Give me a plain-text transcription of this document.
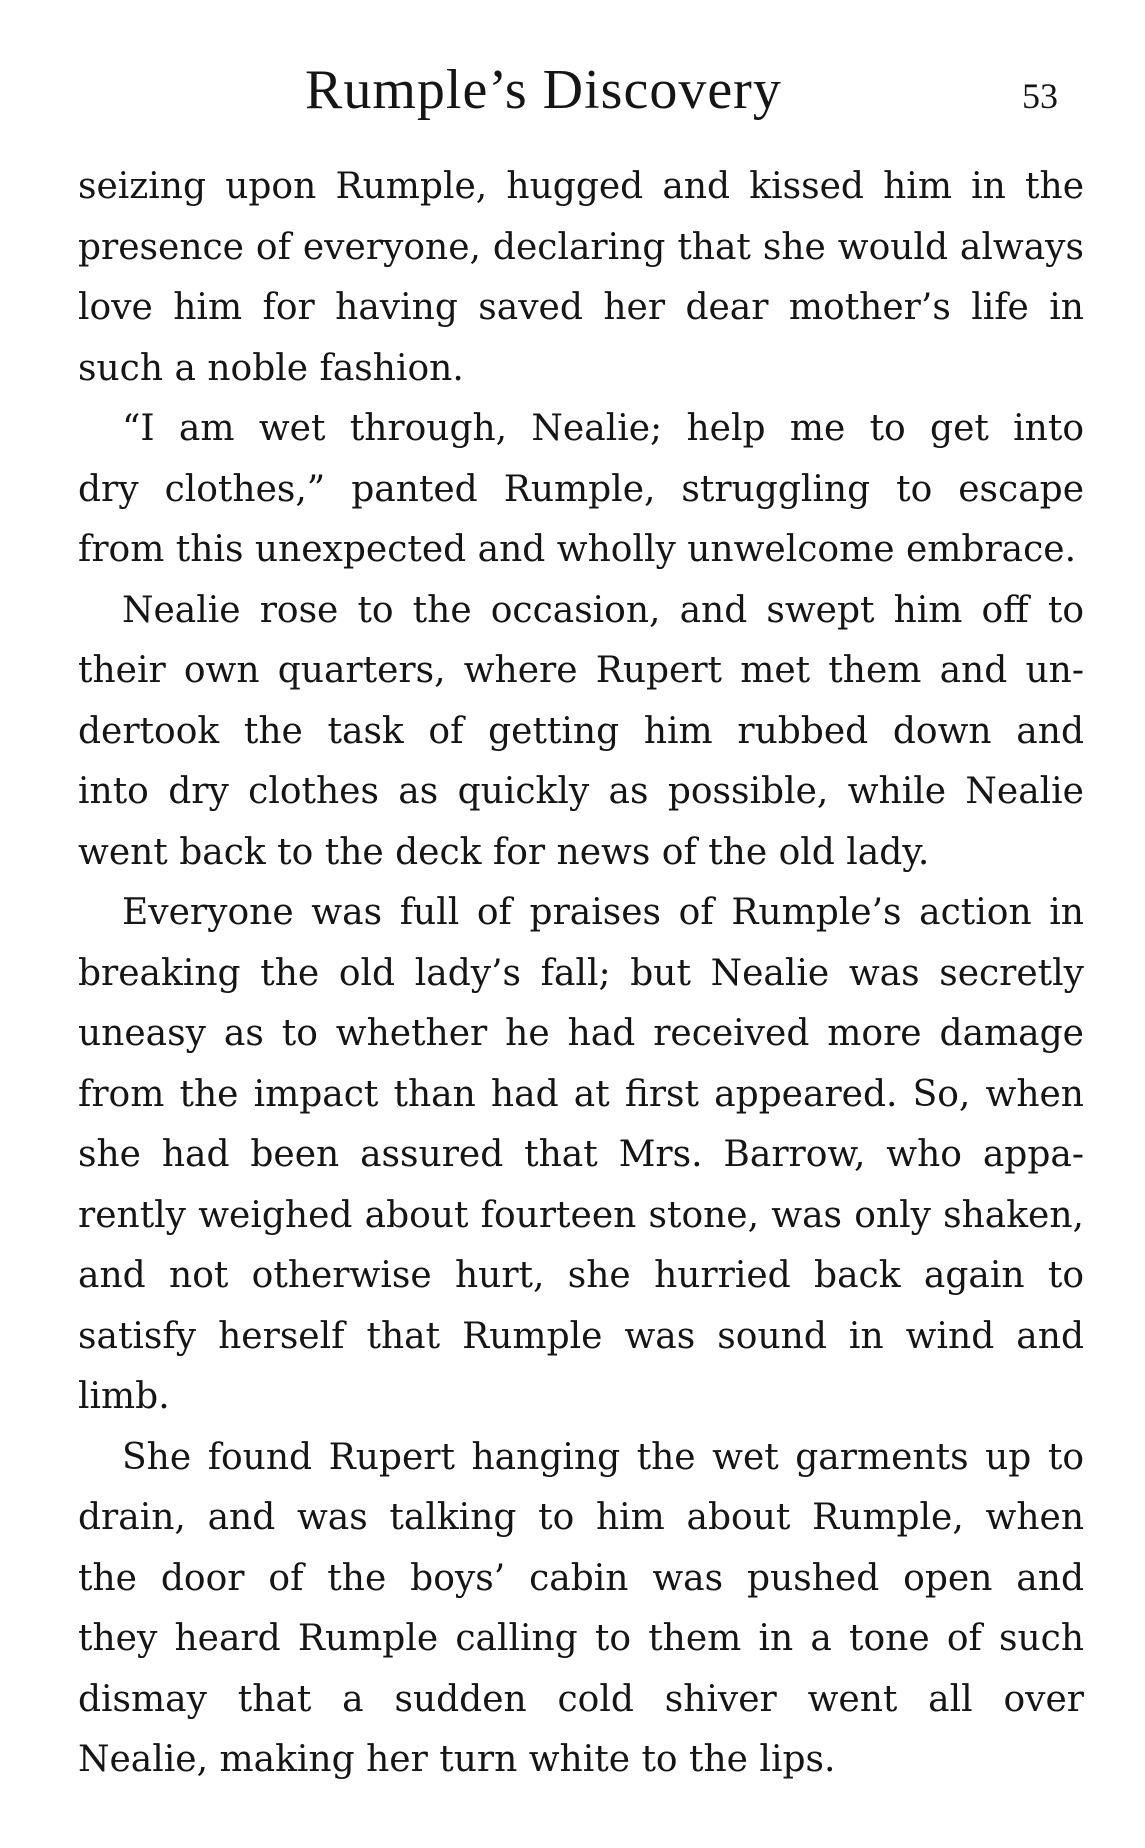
Rumple’s Discovery	53
seizing upon Rumple, hugged and kissed him in the
presence of everyone, declaring that she would always
love him for having saved her dear mother’s life in
such a noble fashion.
“I am wet through, Nealie; help me to get into
dry clothes,” panted Rumple, struggling to escape
from this unexpected and wholly unwelcome embrace.
Nealie rose to the occasion, and swept him off to
their own quarters, where Rupert met them and un-
dertook the task of getting him rubbed down and
into dry clothes as quickly as possible, while Nealie
went back to the deck for news of the old lady.
Everyone was full of praises of Rumple’s action in
breaking the old lady’s fall; but Nealie was secretly
uneasy as to whether he had received more damage
from the impact than had at first appeared. So, when
she had been assured that Mrs. Barrow, who appa-
rently weighed about fourteen stone, was only shaken,
and not otherwise hurt, she hurried back again to
satisfy herself that Rumple was sound in wind and
limb.
She found Rupert hanging the wet garments up to
drain, and was talking to him about Rumple, when
the door of the boys’ cabin was pushed open and
they heard Rumple calling to them in a tone of such
dismay that a sudden cold shiver went all over
Nealie, making her turn white to the lips.
